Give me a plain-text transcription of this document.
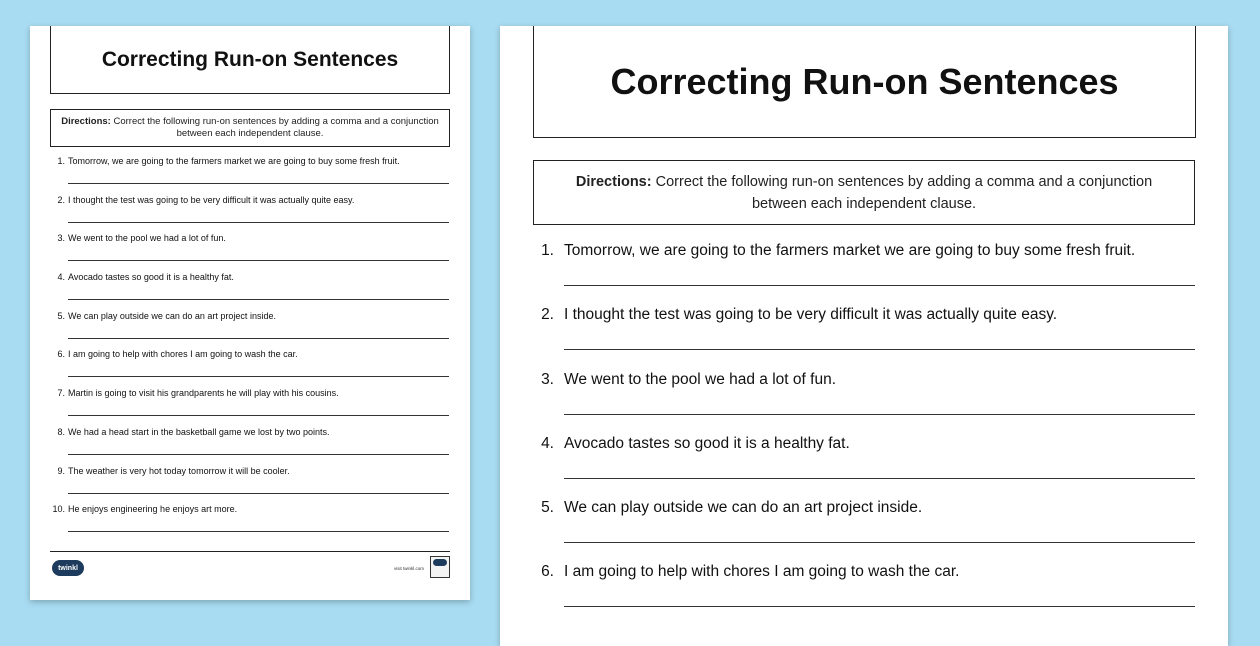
Correcting Run-on Sentences
Directions: Correct the following run-on sentences by adding a comma and a conjunction between each independent clause.
1. Tomorrow, we are going to the farmers market we are going to buy some fresh fruit.
2. I thought the test was going to be very difficult it was actually quite easy.
3. We went to the pool we had a lot of fun.
4. Avocado tastes so good it is a healthy fat.
5. We can play outside we can do an art project inside.
6. I am going to help with chores I am going to wash the car.
7. Martin is going to visit his grandparents he will play with his cousins.
8. We had a head start in the basketball game we lost by two points.
9. The weather is very hot today tomorrow it will be cooler.
10. He enjoys engineering he enjoys art more.
twinkl	visit twinkl.com
Correcting Run-on Sentences
Directions: Correct the following run-on sentences by adding a comma and a conjunction between each independent clause.
1. Tomorrow, we are going to the farmers market we are going to buy some fresh fruit.
2. I thought the test was going to be very difficult it was actually quite easy.
3. We went to the pool we had a lot of fun.
4. Avocado tastes so good it is a healthy fat.
5. We can play outside we can do an art project inside.
6. I am going to help with chores I am going to wash the car.
